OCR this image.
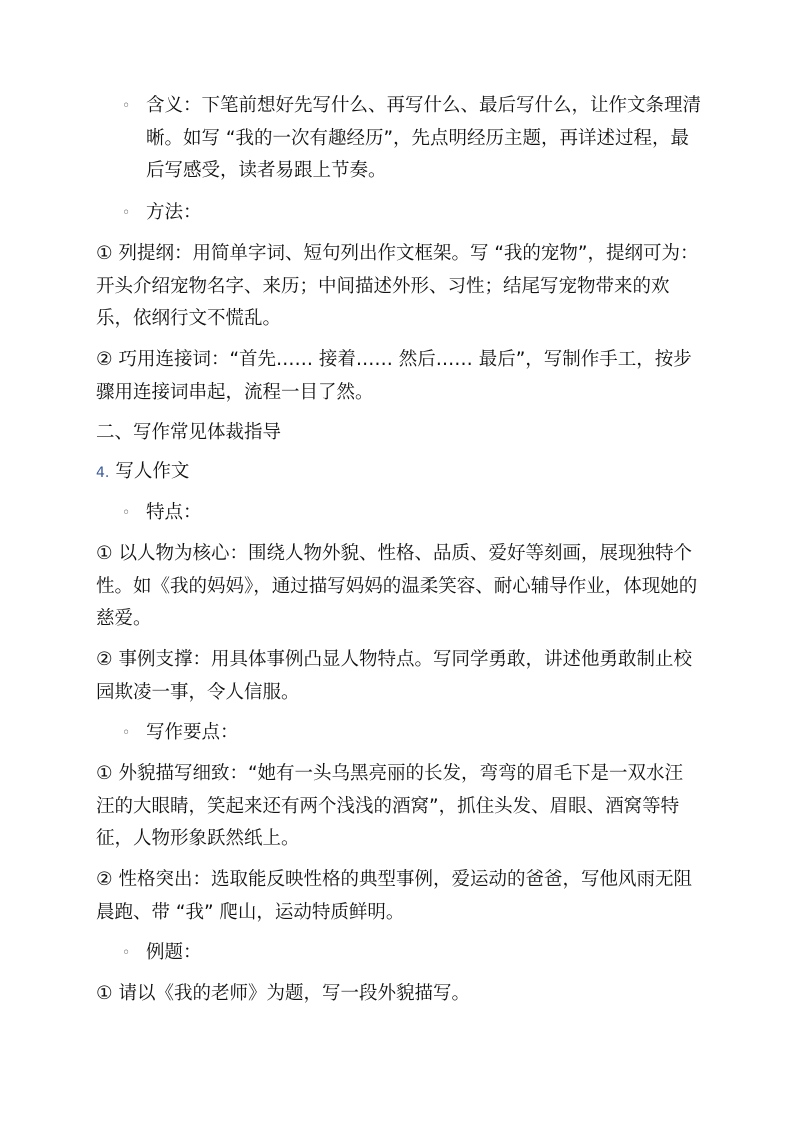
◦ 含义：下笔前想好先写什么、再写什么、最后写什么，让作文条理清晰。如写 “我的一次有趣经历”，先点明经历主题，再详述过程，最后写感受，读者易跟上节奏。
◦ 方法：

① 列提纲：用简单字词、短句列出作文框架。写 “我的宠物”，提纲可为：开头介绍宠物名字、来历；中间描述外形、习性；结尾写宠物带来的欢乐，依纲行文不慌乱。

② 巧用连接词：“首先…… 接着…… 然后…… 最后”，写制作手工，按步骤用连接词串起，流程一目了然。

二、写作常见体裁指导

4. 写人作文
◦ 特点：

① 以人物为核心：围绕人物外貌、性格、品质、爱好等刻画，展现独特个性。如《我的妈妈》，通过描写妈妈的温柔笑容、耐心辅导作业，体现她的慈爱。

② 事例支撑：用具体事例凸显人物特点。写同学勇敢，讲述他勇敢制止校园欺凌一事，令人信服。

◦ 写作要点：

① 外貌描写细致：“她有一头乌黑亮丽的长发，弯弯的眉毛下是一双水汪汪的大眼睛，笑起来还有两个浅浅的酒窝”，抓住头发、眉眼、酒窝等特征，人物形象跃然纸上。

② 性格突出：选取能反映性格的典型事例，爱运动的爸爸，写他风雨无阻晨跑、带 “我” 爬山，运动特质鲜明。

◦ 例题：

① 请以《我的老师》为题，写一段外貌描写。
